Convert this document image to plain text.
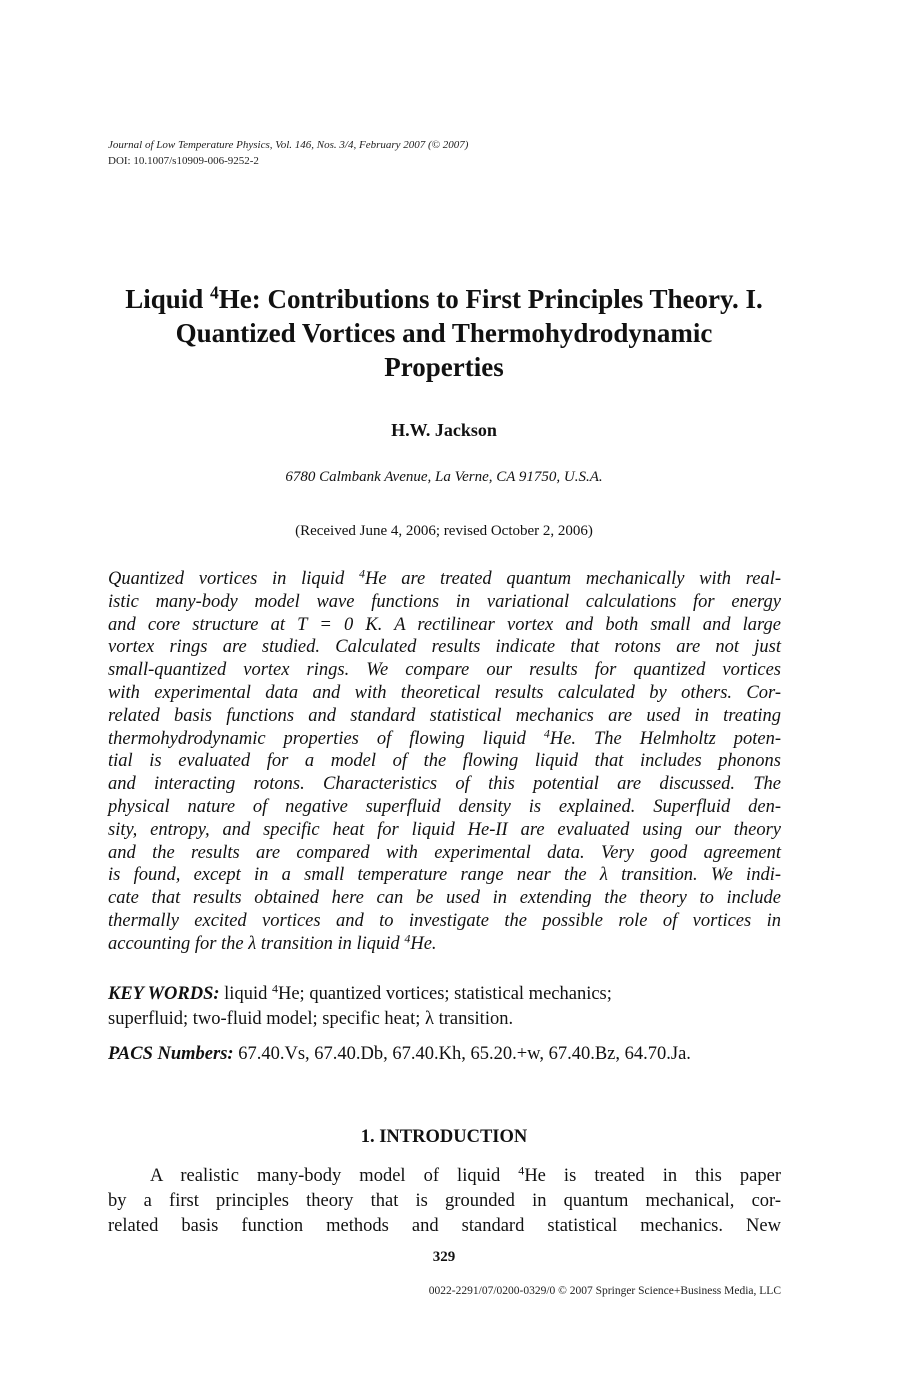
Journal of Low Temperature Physics, Vol. 146, Nos. 3/4, February 2007 (© 2007)
DOI: 10.1007/s10909-006-9252-2
Liquid $^4$He: Contributions to First Principles Theory. I.
Quantized Vortices and Thermohydrodynamic
Properties
H.W. Jackson
6780 Calmbank Avenue, La Verne, CA 91750, U.S.A.
(Received June 4, 2006; revised October 2, 2006)
Quantized vortices in liquid $^4$He are treated quantum mechanically with real-
istic many-body model wave functions in variational calculations for energy
and core structure at T = 0 K. A rectilinear vortex and both small and large
vortex rings are studied. Calculated results indicate that rotons are not just
small-quantized vortex rings. We compare our results for quantized vortices
with experimental data and with theoretical results calculated by others. Cor-
related basis functions and standard statistical mechanics are used in treating
thermohydrodynamic properties of flowing liquid $^4$He. The Helmholtz poten-
tial is evaluated for a model of the flowing liquid that includes phonons
and interacting rotons. Characteristics of this potential are discussed. The
physical nature of negative superfluid density is explained. Superfluid den-
sity, entropy, and specific heat for liquid He-II are evaluated using our theory
and the results are compared with experimental data. Very good agreement
is found, except in a small temperature range near the λ transition. We indi-
cate that results obtained here can be used in extending the theory to include
thermally excited vortices and to investigate the possible role of vortices in
accounting for the λ transition in liquid $^4$He.
KEY WORDS: liquid $^4$He; quantized vortices; statistical mechanics;
superfluid; two-fluid model; specific heat; λ transition.
PACS Numbers: 67.40.Vs, 67.40.Db, 67.40.Kh, 65.20.+w, 67.40.Bz, 64.70.Ja.
1. INTRODUCTION
A realistic many-body model of liquid $^4$He is treated in this paper
by a first principles theory that is grounded in quantum mechanical, cor-
related basis function methods and standard statistical mechanics. New
329
0022-2291/07/0200-0329/0 © 2007 Springer Science+Business Media, LLC
